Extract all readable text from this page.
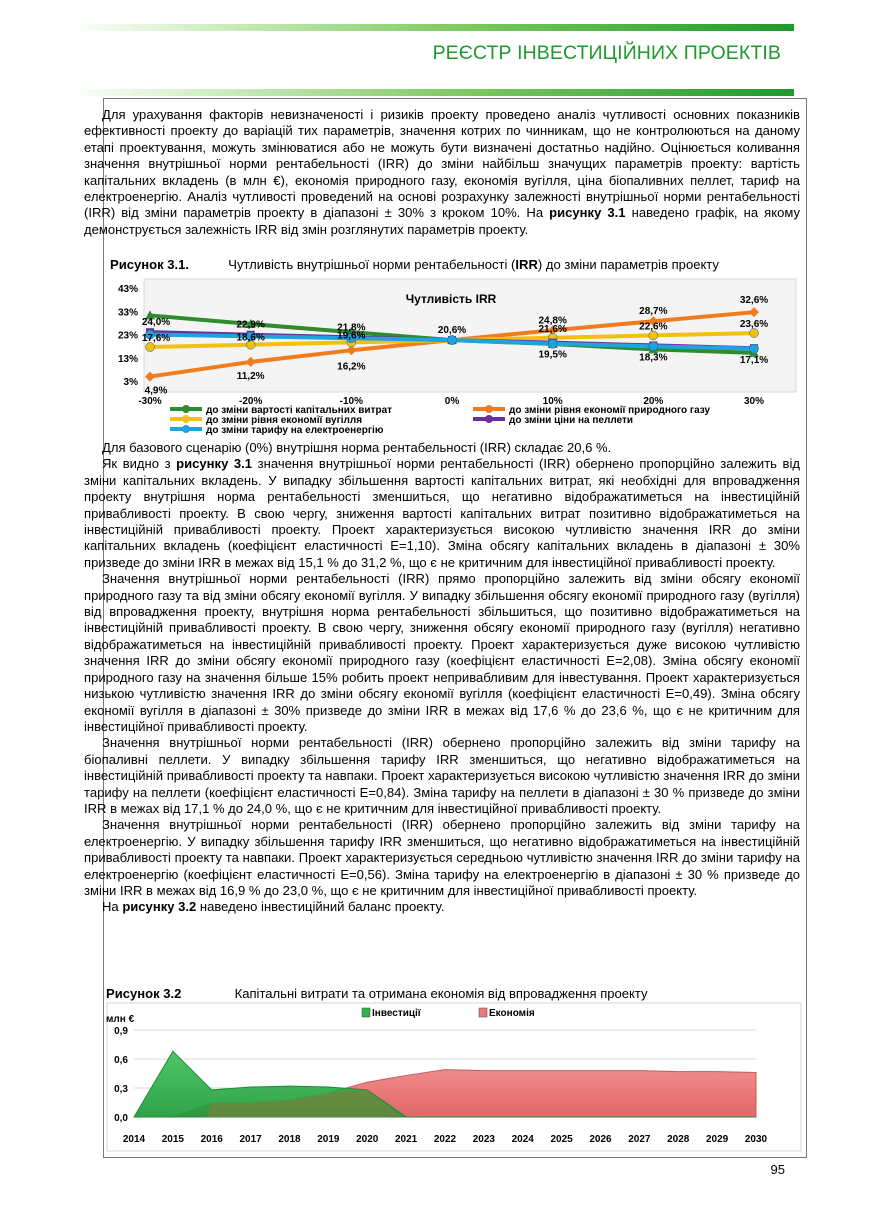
РЕЄСТР ІНВЕСТИЦІЙНИХ ПРОЕКТІВ

Для урахування факторів невизначеності і ризиків проекту проведено аналіз чутливості основних показників ефективності проекту до варіацій тих параметрів, значення котрих по чинникам, що не контролюються на даному етапі проектування, можуть змінюватися або не можуть бути визначені достатньо надійно. Оцінюється коливання значення внутрішньої норми рентабельності (IRR) до зміни найбільш значущих параметрів проекту: вартість капітальних вкладень (в млн €), економія природного газу, економія вугілля, ціна біопаливних пеллет, тариф на електроенергію. Аналіз чутливості проведений на основі розрахунку залежності внутрішньої норми рентабельності (IRR) від зміни параметрів проекту в діапазоні ± 30% з кроком 10%. На рисунку 3.1 наведено графік, на якому демонструється залежність IRR від змін розглянутих параметрів проекту.

Рисунок 3.1.	Чутливість внутрішньої норми рентабельності (IRR) до зміни параметрів проекту
Чутливість IRR
3%
13%
23%
33%
43%
-30%	-20%	-10%	0%	10%	20%	30%
4,9%
11,2%
16,2%
20,6%
24,8%
28,7%
32,6%
17,6%	18,6%	19,6%
21,6%	22,6%	23,6%
24,0%	22,9%	21,8%
19,5%	18,3%	17,1%
до зміни вартості капітальних витрат	до зміни рівня економії природного газу
до зміни рівня економії вугілля	до зміни ціни на пеллети
до зміни тарифу на електроенергію

Для базового сценарію (0%) внутрішня норма рентабельності (IRR) складає 20,6 %.

Як видно з рисунку 3.1 значення внутрішньої норми рентабельності (IRR) обернено пропорційно залежить від зміни капітальних вкладень. У випадку збільшення вартості капітальних витрат, які необхідні для впровадження проекту внутрішня норма рентабельності зменшиться, що негативно відображатиметься на інвестиційній привабливості проекту. В свою чергу, зниження вартості капітальних витрат позитивно відображатиметься на інвестиційній привабливості проекту. Проект характеризується високою чутливістю значення IRR до зміни капітальних вкладень (коефіцієнт еластичності Е=1,10). Зміна обсягу капітальних вкладень в діапазоні ± 30% призведе до зміни IRR в межах від 15,1 % до 31,2 %, що є не критичним для інвестиційної привабливості проекту.

Значення внутрішньої норми рентабельності (IRR) прямо пропорційно залежить від зміни обсягу економії природного газу та від зміни обсягу економії вугілля. У випадку збільшення обсягу економії природного газу (вугілля) від впровадження проекту, внутрішня норма рентабельності збільшиться, що позитивно відображатиметься на інвестиційній привабливості проекту. В свою чергу, зниження обсягу економії природного газу (вугілля) негативно відображатиметься на інвестиційній привабливості проекту. Проект характеризується дуже високою чутливістю значення IRR до зміни обсягу економії природного газу (коефіцієнт еластичності Е=2,08). Зміна обсягу економії природного газу на значення більше 15% робить проект непривабливим для інвестування. Проект характеризується низькою чутливістю значення IRR до зміни обсягу економії вугілля (коефіцієнт еластичності Е=0,49). Зміна обсягу економії вугілля в діапазоні ± 30% призведе до зміни IRR в межах від 17,6 % до 23,6 %, що є не критичним для інвестиційної привабливості проекту.

Значення внутрішньої норми рентабельності (IRR) обернено пропорційно залежить від зміни тарифу на біопаливні пеллети. У випадку збільшення тарифу IRR зменшиться, що негативно відображатиметься на інвестиційній привабливості проекту та навпаки. Проект характеризується високою чутливістю значення IRR до зміни тарифу на пеллети (коефіцієнт еластичності Е=0,84). Зміна тарифу на пеллети в діапазоні ± 30 % призведе до зміни IRR в межах від 17,1 % до 24,0 %, що є не критичним для інвестиційної привабливості проекту.

Значення внутрішньої норми рентабельності (IRR) обернено пропорційно залежить від зміни тарифу на електроенергію. У випадку збільшення тарифу IRR зменшиться, що негативно відображатиметься на інвестиційній привабливості проекту та навпаки. Проект характеризується середньою чутливістю значення IRR до зміни тарифу на електроенергію (коефіцієнт еластичності Е=0,56). Зміна тарифу на електроенергію в діапазоні ± 30 % призведе до зміни IRR в межах від 16,9 % до 23,0 %, що є не критичним для інвестиційної привабливості проекту.

На рисунку 3.2 наведено інвестиційний баланс проекту.

Рисунок 3.2	Капітальні витрати та отримана економія від впровадження проекту
млн €
Інвестиції	Економія
0,0
0,3
0,6
0,9
2014 2015 2016 2017 2018 2019 2020 2021 2022 2023 2024 2025 2026 2027 2028 2029 2030
95
